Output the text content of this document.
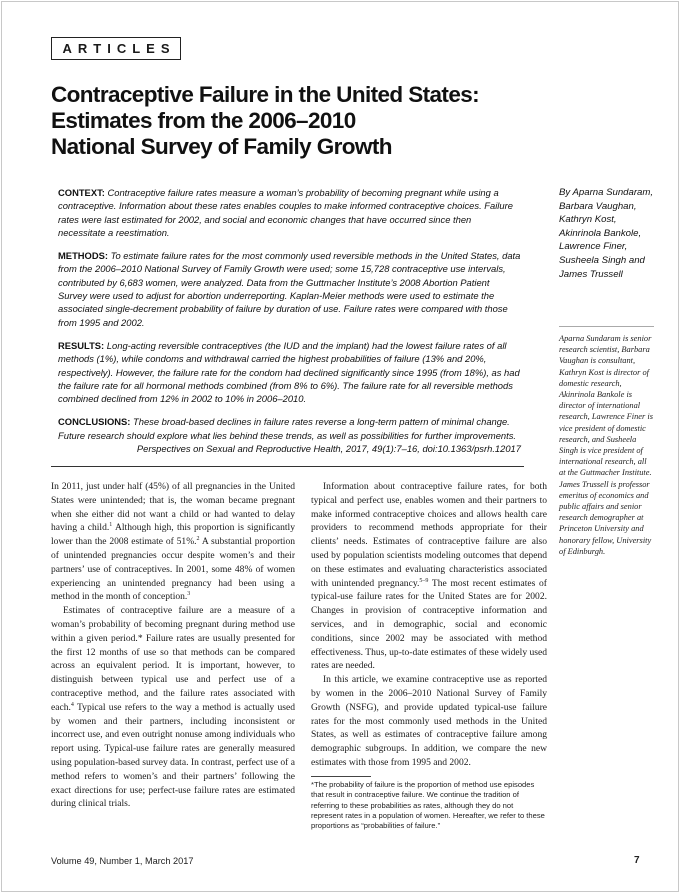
ARTICLES
Contraceptive Failure in the United States:
Estimates from the 2006–2010
National Survey of Family Growth

CONTEXT: Contraceptive failure rates measure a woman’s probability of becoming pregnant while using a contraceptive. Information about these rates enables couples to make informed contraceptive choices. Failure rates were last estimated for 2002, and social and economic changes that have occurred since then necessitate a reestimation.

METHODS: To estimate failure rates for the most commonly used reversible methods in the United States, data from the 2006–2010 National Survey of Family Growth were used; some 15,728 contraceptive use intervals, contributed by 6,683 women, were analyzed. Data from the Guttmacher Institute’s 2008 Abortion Patient Survey were used to adjust for abortion underreporting. Kaplan-Meier methods were used to estimate the associated single-decrement probability of failure by duration of use. Failure rates were compared with those from 1995 and 2002.

RESULTS: Long-acting reversible contraceptives (the IUD and the implant) had the lowest failure rates of all methods (1%), while condoms and withdrawal carried the highest probabilities of failure (13% and 20%, respectively). However, the failure rate for the condom had declined significantly since 1995 (from 18%), as had the failure rate for all hormonal methods combined (from 8% to 6%). The failure rate for all reversible methods combined declined from 12% in 2002 to 10% in 2006–2010.

CONCLUSIONS: These broad-based declines in failure rates reverse a long-term pattern of minimal change. Future research should explore what lies behind these trends, as well as possibilities for further improvements.

Perspectives on Sexual and Reproductive Health, 2017, 49(1):7–16, doi:10.1363/psrh.12017
By Aparna Sundaram, Barbara Vaughan, Kathryn Kost, Akinrinola Bankole, Lawrence Finer, Susheela Singh and James Trussell
Aparna Sundaram is senior research scientist, Barbara Vaughan is consultant, Kathryn Kost is director of domestic research, Akinrinola Bankole is director of international research, Lawrence Finer is vice president of domestic research, and Susheela Singh is vice president of international research, all at the Guttmacher Institute. James Trussell is professor emeritus of economics and public affairs and senior research demographer at Princeton University and honorary fellow, University of Edinburgh.

In 2011, just under half (45%) of all pregnancies in the United States were unintended; that is, the woman became pregnant when she either did not want a child or had wanted to delay having a child.$^1$ Although high, this proportion is significantly lower than the 2008 estimate of 51%.$^2$ A substantial proportion of unintended pregnancies occur despite women’s and their partners’ use of contraceptives. In 2001, some 48% of women experiencing an unintended pregnancy had been using a method in the month of conception.$^3$

Estimates of contraceptive failure are a measure of a woman’s probability of becoming pregnant during method use within a given period.* Failure rates are usually presented for the first 12 months of use so that methods can be compared across an equivalent period. It is important, however, to distinguish between typical use and perfect use of a contraceptive method, and the failure rates associated with each.$^4$ Typical use refers to the way a method is actually used by women and their partners, including inconsistent or incorrect use, and even outright nonuse among individuals who report using. Typical-use failure rates are generally measured using population-based survey data. In contrast, perfect use of a method refers to women’s and their partners’ following the exact directions for use; perfect-use failure rates are estimated during clinical trials.

Information about contraceptive failure rates, for both typical and perfect use, enables women and their partners to make informed contraceptive choices and allows health care providers to recommend methods appropriate for their clients’ needs. Estimates of contraceptive failure are also used by population scientists modeling outcomes that depend on these estimates and evaluating characteristics associated with unintended pregnancy.$^{5-9}$ The most recent estimates of typical-use failure rates for the United States are for 2002. Changes in provision of contraceptive information and services, and in demographic, social and economic conditions, since 2002 may be associated with method effectiveness. Thus, up-to-date estimates of these widely used rates are needed.

In this article, we examine contraceptive use as reported by women in the 2006–2010 National Survey of Family Growth (NSFG), and provide updated typical-use failure rates for the most commonly used methods in the United States, as well as estimates of contraceptive failure among demographic subgroups. In addition, we compare the new estimates with those from 1995 and 2002.

*The probability of failure is the proportion of method use episodes that result in contraceptive failure. We continue the tradition of referring to these probabilities as rates, although they do not represent rates in a population of women. Hereafter, we refer to these proportions as “probabilities of failure.”
Volume 49, Number 1, March 2017	7
